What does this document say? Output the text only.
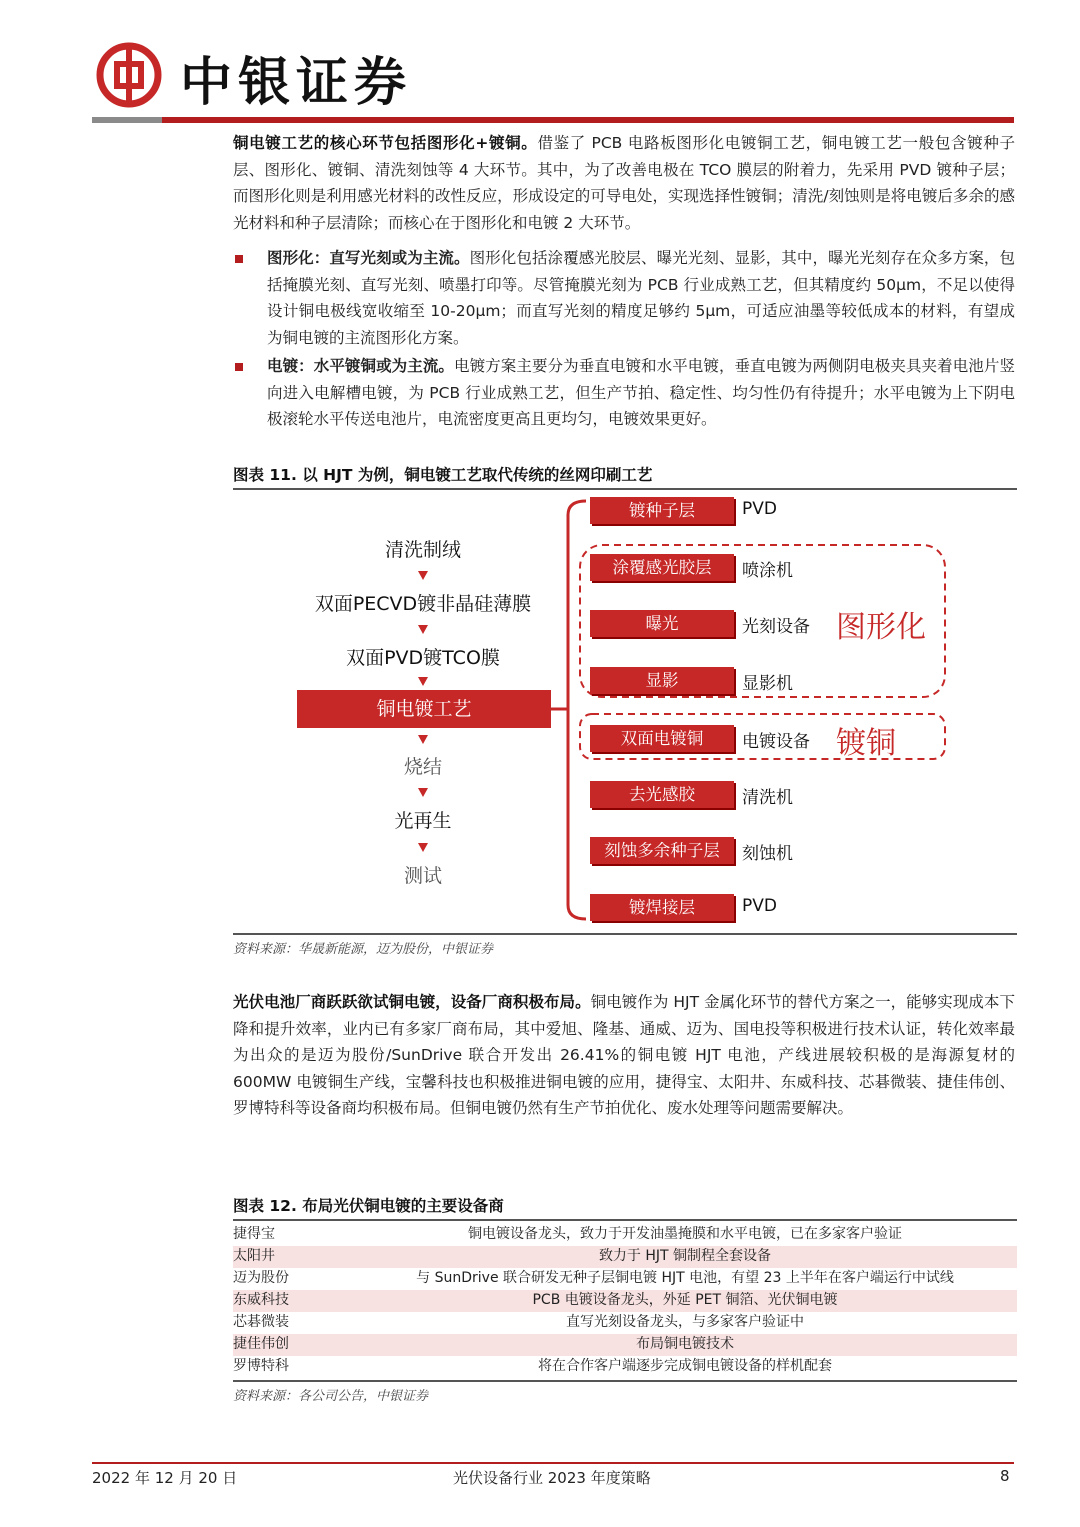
中银证券
铜电镀工艺的核心环节包括图形化+镀铜。借鉴了 PCB 电路板图形化电镀铜工艺，铜电镀工艺一般包含镀种子层、图形化、镀铜、清洗刻蚀等 4 大环节。其中，为了改善电极在 TCO 膜层的附着力，先采用 PVD 镀种子层；而图形化则是利用感光材料的改性反应，形成设定的可导电处，实现选择性镀铜；清洗/刻蚀则是将电镀后多余的感光材料和种子层清除；而核心在于图形化和电镀 2 大环节。
图形化：直写光刻或为主流。图形化包括涂覆感光胶层、曝光光刻、显影，其中，曝光光刻存在众多方案，包括掩膜光刻、直写光刻、喷墨打印等。尽管掩膜光刻为 PCB 行业成熟工艺，但其精度约 50μm，不足以使得设计铜电极线宽收缩至 10-20μm；而直写光刻的精度足够约 5μm，可适应油墨等较低成本的材料，有望成为铜电镀的主流图形化方案。
电镀：水平镀铜或为主流。电镀方案主要分为垂直电镀和水平电镀，垂直电镀为两侧阴电极夹具夹着电池片竖向进入电解槽电镀，为 PCB 行业成熟工艺，但生产节拍、稳定性、均匀性仍有待提升；水平电镀为上下阴电极滚轮水平传送电池片，电流密度更高且更均匀，电镀效果更好。
图表 11. 以 HJT 为例，铜电镀工艺取代传统的丝网印刷工艺
清洗制绒
双面PECVD镀非晶硅薄膜
双面PVD镀TCO膜
铜电镀工艺
烧结
光再生
测试
镀种子层	PVD
涂覆感光胶层	喷涂机
曝光	光刻设备
显影	显影机
图形化
双面电镀铜	电镀设备 镀铜
去光感胶	清洗机
刻蚀多余种子层	刻蚀机
镀焊接层	PVD
资料来源：华晟新能源，迈为股份，中银证券
光伏电池厂商跃跃欲试铜电镀，设备厂商积极布局。铜电镀作为 HJT 金属化环节的替代方案之一，能够实现成本下降和提升效率，业内已有多家厂商布局，其中爱旭、隆基、通威、迈为、国电投等积极进行技术认证，转化效率最为出众的是迈为股份/SunDrive 联合开发出 26.41%的铜电镀 HJT 电池，产线进展较积极的是海源复材的 600MW 电镀铜生产线，宝馨科技也积极推进铜电镀的应用，捷得宝、太阳井、东威科技、芯碁微装、捷佳伟创、罗博特科等设备商均积极布局。但铜电镀仍然有生产节拍优化、废水处理等问题需要解决。
图表 12. 布局光伏铜电镀的主要设备商
捷得宝	铜电镀设备龙头，致力于开发油墨掩膜和水平电镀，已在多家客户验证
太阳井	致力于 HJT 铜制程全套设备
迈为股份	与 SunDrive 联合研发无种子层铜电镀 HJT 电池，有望 23 上半年在客户端运行中试线
东威科技	PCB 电镀设备龙头，外延 PET 铜箔、光伏铜电镀
芯碁微装	直写光刻设备龙头，与多家客户验证中
捷佳伟创	布局铜电镀技术
罗博特科	将在合作客户端逐步完成铜电镀设备的样机配套
资料来源：各公司公告，中银证券
2022 年 12 月 20 日	光伏设备行业 2023 年度策略	8
